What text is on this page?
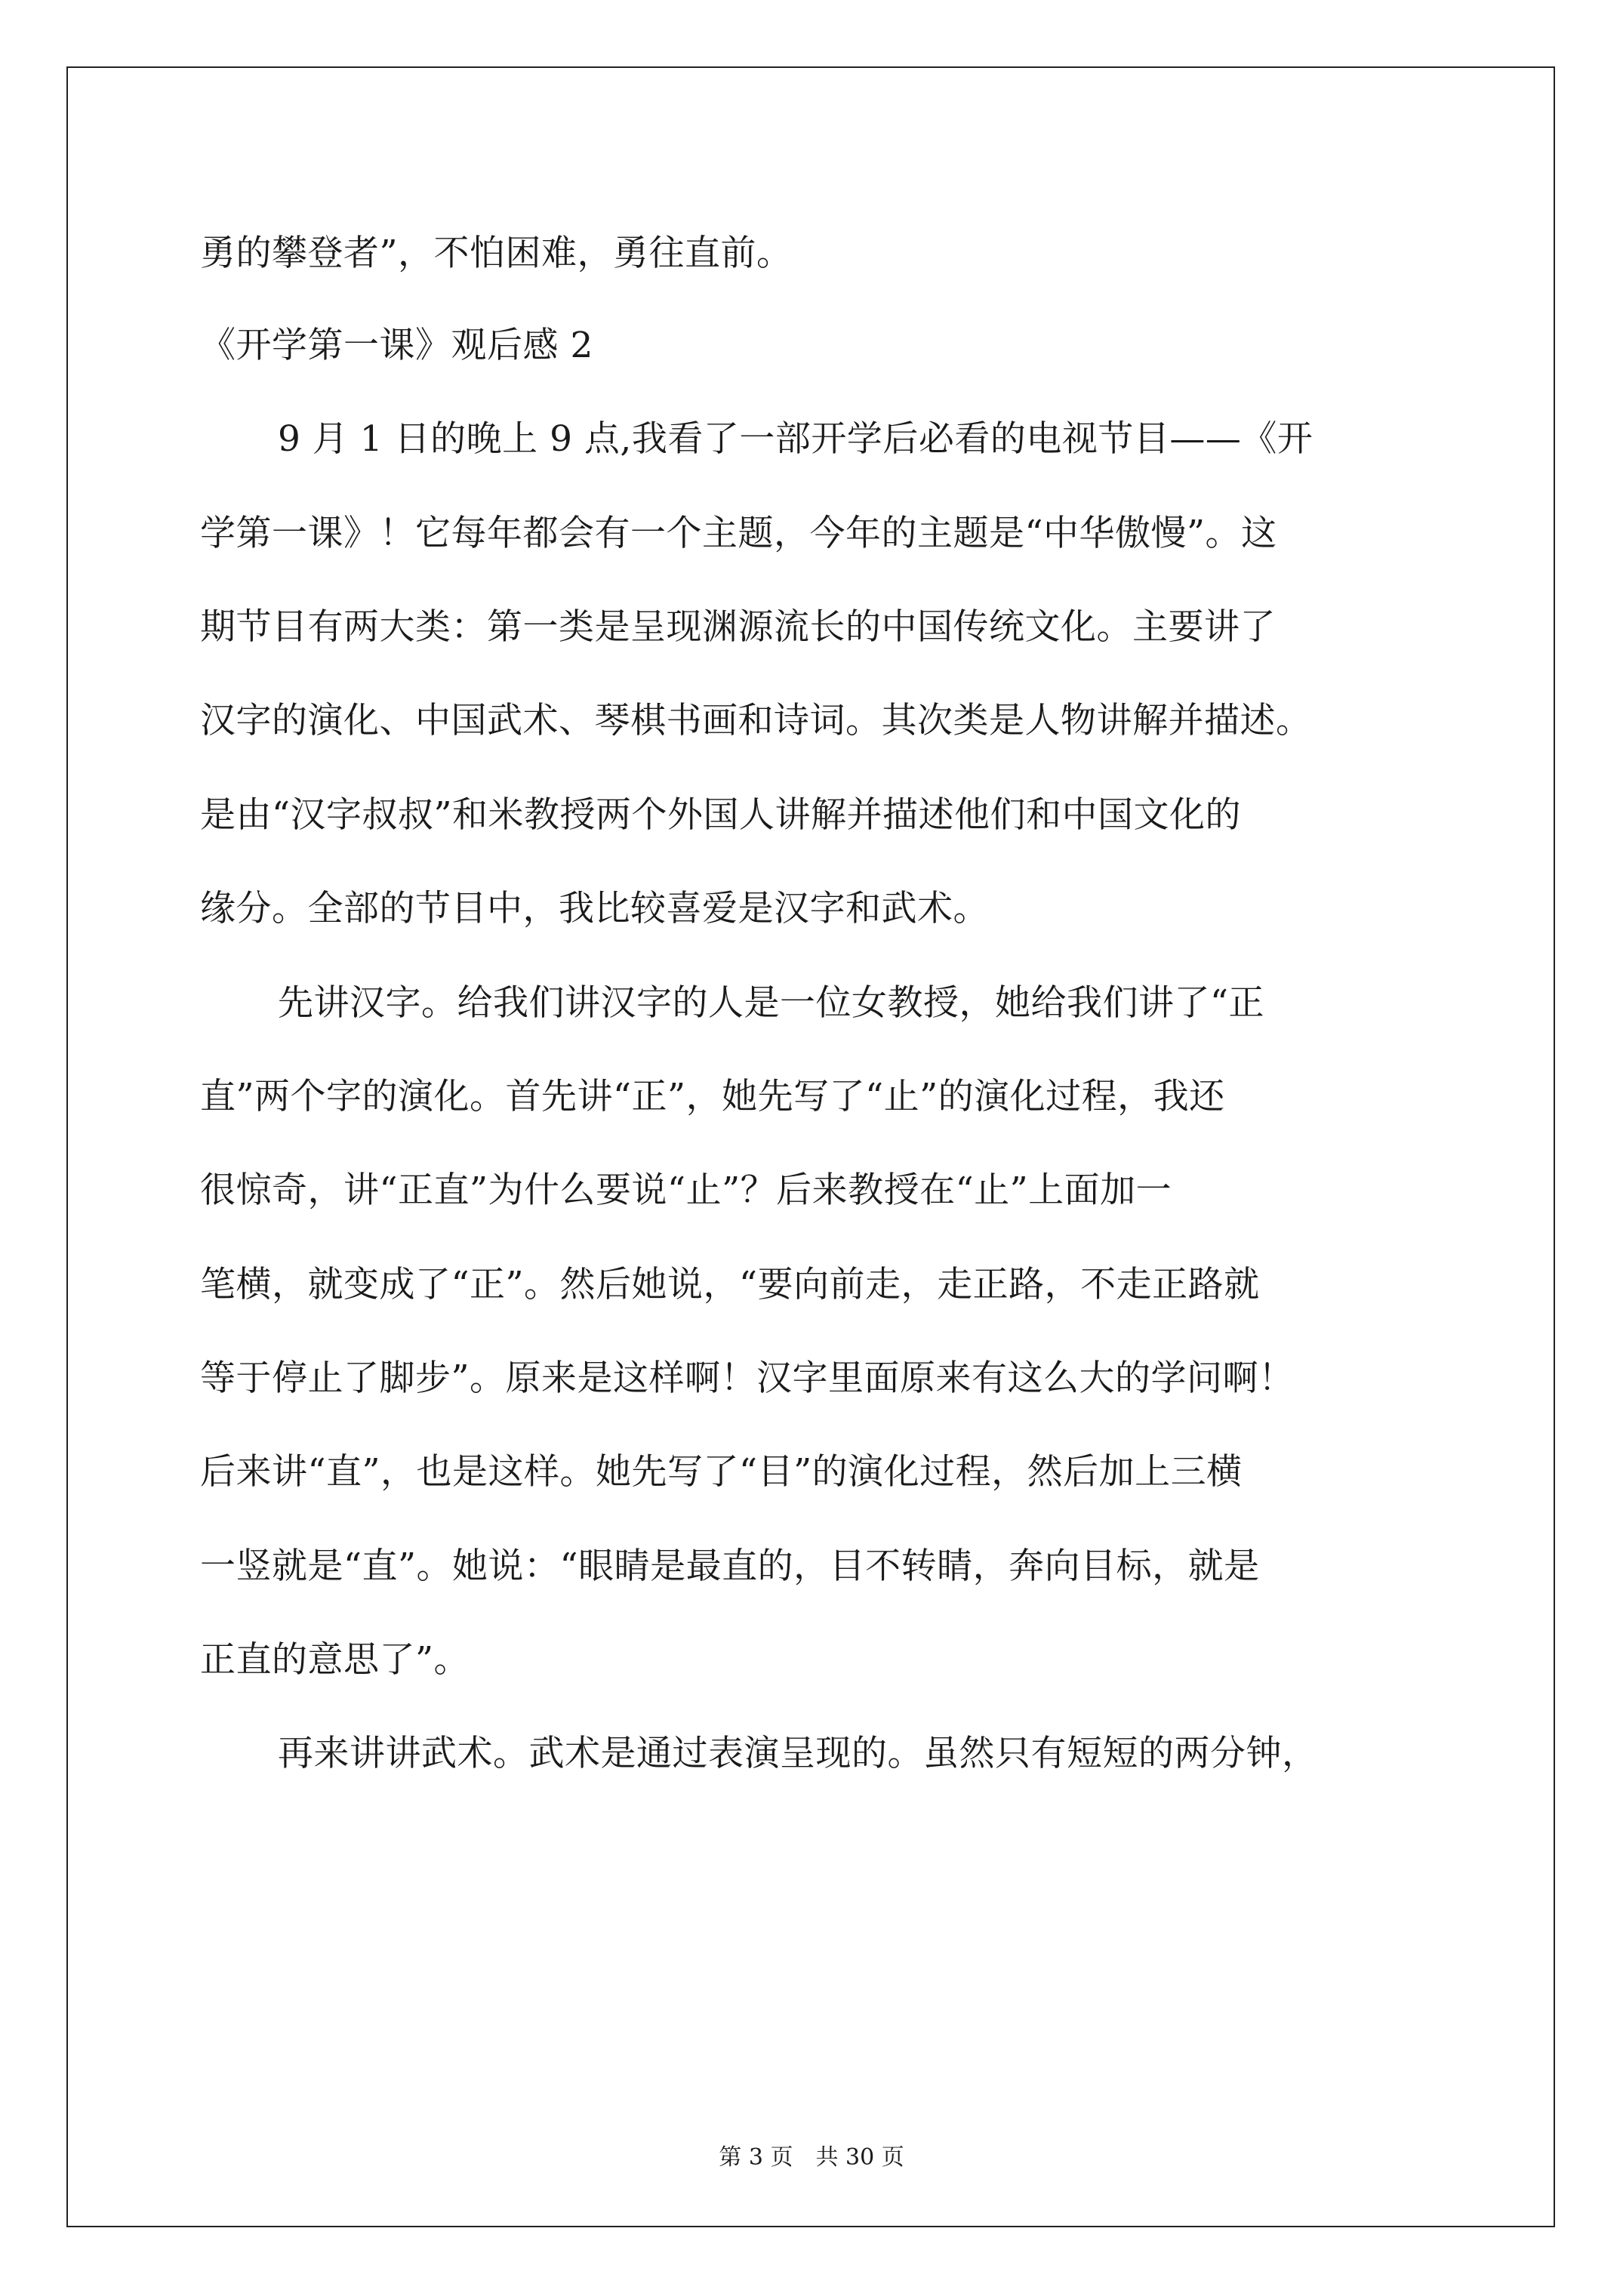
勇的攀登者”，不怕困难，勇往直前。
《开学第一课》观后感 2
9 月 1 日的晚上 9 点,我看了一部开学后必看的电视节目——《开
学第一课》！它每年都会有一个主题，今年的主题是“中华傲慢”。这
期节目有两大类：第一类是呈现渊源流长的中国传统文化。主要讲了
汉字的演化、中国武术、琴棋书画和诗词。其次类是人物讲解并描述。
是由“汉字叔叔”和米教授两个外国人讲解并描述他们和中国文化的
缘分。全部的节目中，我比较喜爱是汉字和武术。
先讲汉字。给我们讲汉字的人是一位女教授，她给我们讲了“正
直”两个字的演化。首先讲“正”，她先写了“止”的演化过程，我还
很惊奇，讲“正直”为什么要说“止”？后来教授在“止”上面加一
笔横，就变成了“正”。然后她说，“要向前走，走正路，不走正路就
等于停止了脚步”。原来是这样啊！汉字里面原来有这么大的学问啊！
后来讲“直”，也是这样。她先写了“目”的演化过程，然后加上三横
一竖就是“直”。她说：“眼睛是最直的，目不转睛，奔向目标，就是
正直的意思了”。
再来讲讲武术。武术是通过表演呈现的。虽然只有短短的两分钟，
第 3 页 共 30 页
